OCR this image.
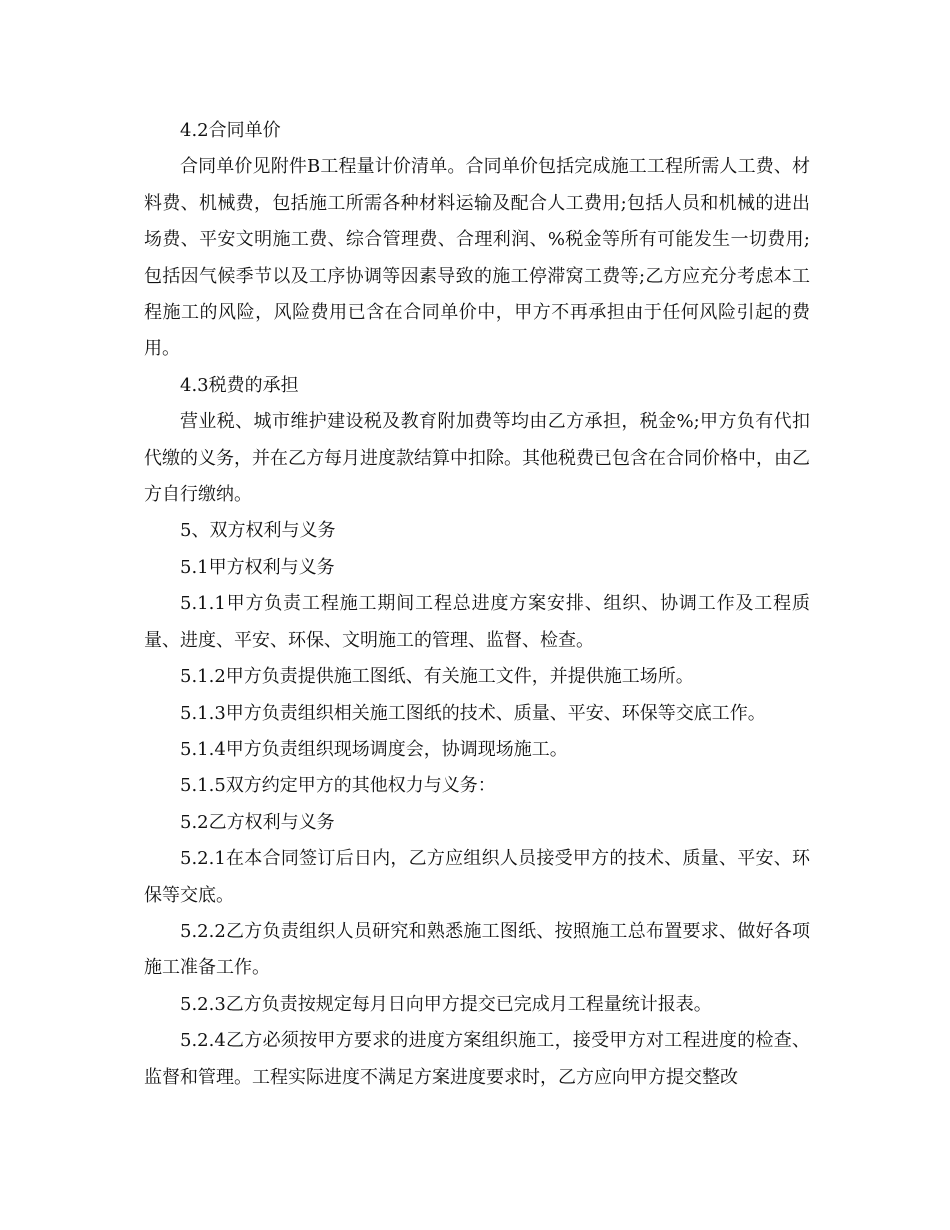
4.2合同单价

合同单价见附件B工程量计价清单。合同单价包括完成施工工程所需人工费、材料费、机械费，包括施工所需各种材料运输及配合人工费用;包括人员和机械的进出场费、平安文明施工费、综合管理费、合理利润、%税金等所有可能发生一切费用;包括因气候季节以及工序协调等因素导致的施工停滞窝工费等;乙方应充分考虑本工程施工的风险，风险费用已含在合同单价中，甲方不再承担由于任何风险引起的费用。

4.3税费的承担

营业税、城市维护建设税及教育附加费等均由乙方承担，税金%;甲方负有代扣代缴的义务，并在乙方每月进度款结算中扣除。其他税费已包含在合同价格中，由乙方自行缴纳。

5、双方权利与义务

5.1甲方权利与义务

5.1.1甲方负责工程施工期间工程总进度方案安排、组织、协调工作及工程质量、进度、平安、环保、文明施工的管理、监督、检查。

5.1.2甲方负责提供施工图纸、有关施工文件，并提供施工场所。

5.1.3甲方负责组织相关施工图纸的技术、质量、平安、环保等交底工作。

5.1.4甲方负责组织现场调度会，协调现场施工。

5.1.5双方约定甲方的其他权力与义务：

5.2乙方权利与义务

5.2.1在本合同签订后日内，乙方应组织人员接受甲方的技术、质量、平安、环保等交底。

5.2.2乙方负责组织人员研究和熟悉施工图纸、按照施工总布置要求、做好各项施工准备工作。

5.2.3乙方负责按规定每月日向甲方提交已完成月工程量统计报表。

5.2.4乙方必须按甲方要求的进度方案组织施工，接受甲方对工程进度的检查、监督和管理。工程实际进度不满足方案进度要求时，乙方应向甲方提交整改
